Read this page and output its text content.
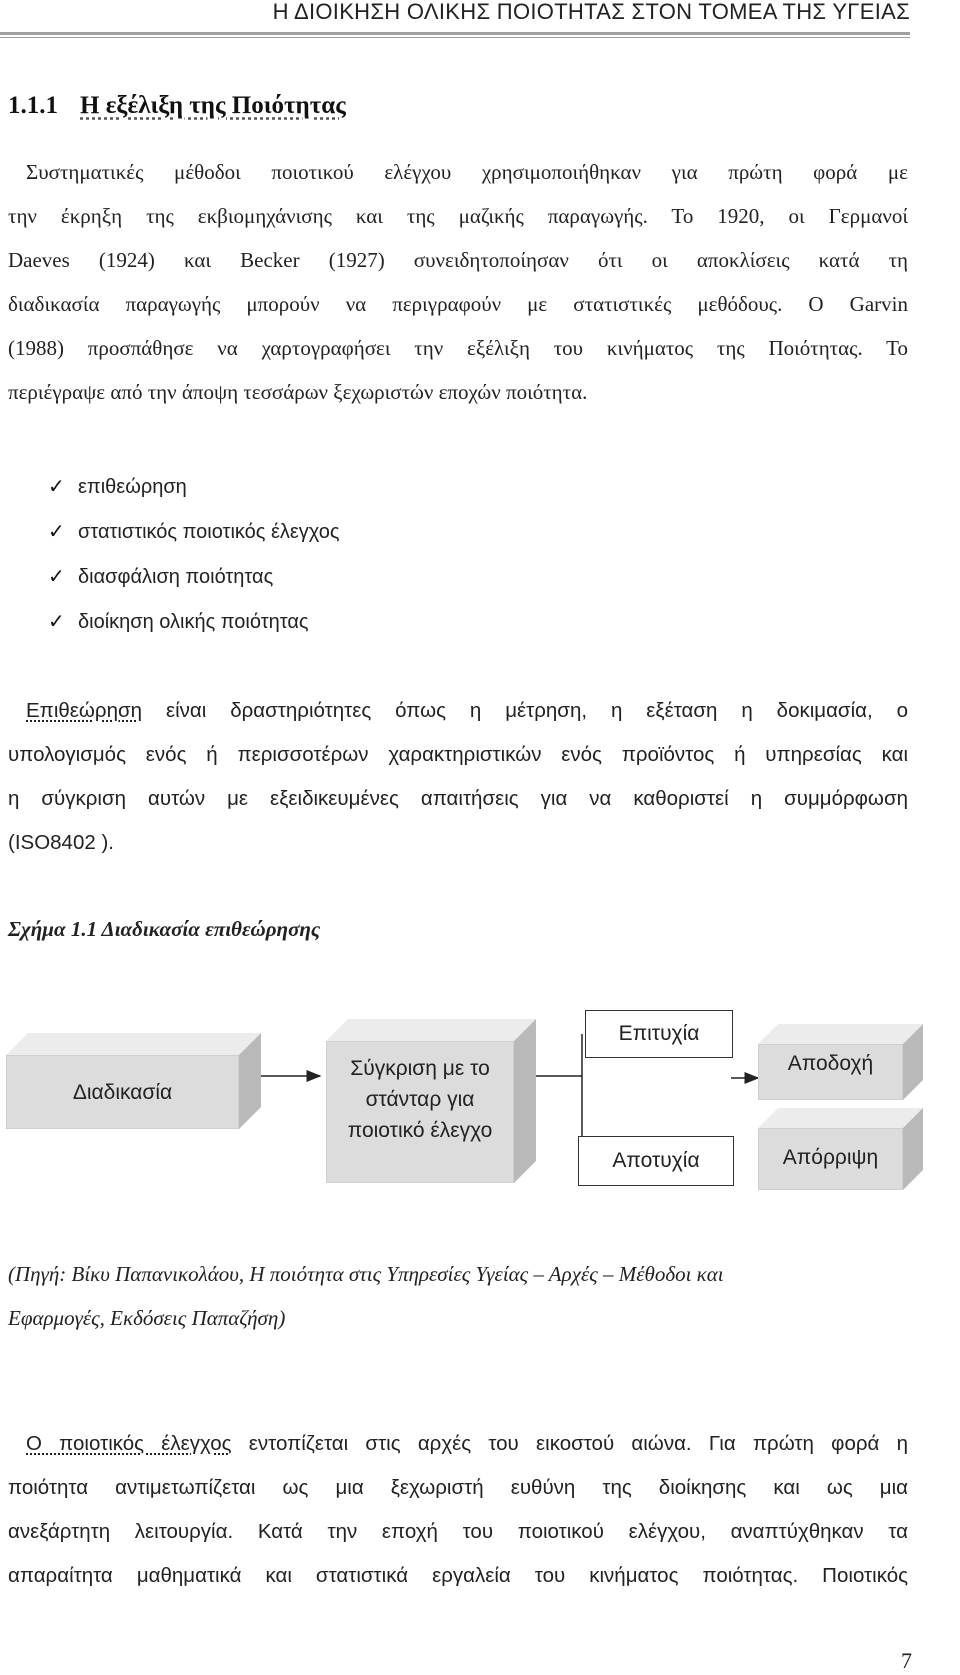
Η ΔΙΟΙΚΗΣΗ ΟΛΙΚΗΣ ΠΟΙΟΤΗΤΑΣ ΣΤΟΝ ΤΟΜΕΑ ΤΗΣ ΥΓΕΙΑΣ
1.1.1 Η εξέλιξη της Ποιότητας
Συστηματικές μέθοδοι ποιοτικού ελέγχου χρησιμοποιήθηκαν για πρώτη φορά με
την έκρηξη της εκβιομηχάνισης και της μαζικής παραγωγής. Το 1920, οι Γερμανοί
Daeves (1924) και Becker (1927) συνειδητοποίησαν ότι οι αποκλίσεις κατά τη
διαδικασία παραγωγής μπορούν να περιγραφούν με στατιστικές μεθόδους. Ο Garvin
(1988) προσπάθησε να χαρτογραφήσει την εξέλιξη του κινήματος της Ποιότητας. Το
περιέγραψε από την άποψη τεσσάρων ξεχωριστών εποχών ποιότητα.
✓ επιθεώρηση
✓ στατιστικός ποιοτικός έλεγχος
✓ διασφάλιση ποιότητας
✓ διοίκηση ολικής ποιότητας
Επιθεώρηση είναι δραστηριότητες όπως η μέτρηση, η εξέταση η δοκιμασία, ο
υπολογισμός ενός ή περισσοτέρων χαρακτηριστικών ενός προϊόντος ή υπηρεσίας και
η σύγκριση αυτών με εξειδικευμένες απαιτήσεις για να καθοριστεί η συμμόρφωση
(ISO8402 ).
Σχήμα 1.1 Διαδικασία επιθεώρησης
Διαδικασία
Σύγκριση με το
στάνταρ για
ποιοτικό έλεγχο
Επιτυχία
Αποτυχία
Αποδοχή
Απόρριψη
(Πηγή: Βίκυ Παπανικολάου, Η ποιότητα στις Υπηρεσίες Υγείας – Αρχές – Μέθοδοι και
Εφαρμογές, Εκδόσεις Παπαζήση)
Ο ποιοτικός έλεγχος εντοπίζεται στις αρχές του εικοστού αιώνα. Για πρώτη φορά η
ποιότητα αντιμετωπίζεται ως μια ξεχωριστή ευθύνη της διοίκησης και ως μια
ανεξάρτητη λειτουργία. Κατά την εποχή του ποιοτικού ελέγχου, αναπτύχθηκαν τα
απαραίτητα μαθηματικά και στατιστικά εργαλεία του κινήματος ποιότητας. Ποιοτικός
7
